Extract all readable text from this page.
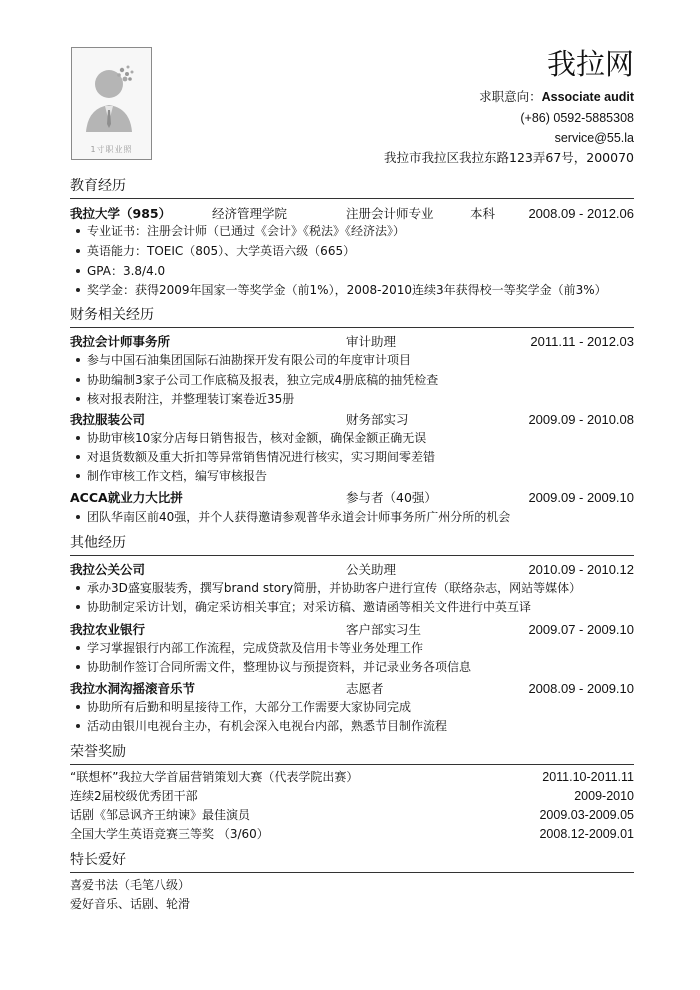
1寸职业照
我拉网
求职意向：Associate audit
(+86) 0592-5885308
service@55.la
我拉市我拉区我拉东路123弄67号，200070
教育经历
我拉大学（985）	经济管理学院	注册会计师专业	本科	2008.09 - 2012.06
专业证书：注册会计师（已通过《会计》《税法》《经济法》）
英语能力：TOEIC（805）、大学英语六级（665）
GPA：3.8/4.0
奖学金：获得2009年国家一等奖学金（前1%），2008-2010连续3年获得校一等奖学金（前3%）
财务相关经历
我拉会计师事务所	审计助理	2011.11 - 2012.03
参与中国石油集团国际石油勘探开发有限公司的年度审计项目
协助编制3家子公司工作底稿及报表，独立完成4册底稿的抽凭检查
核对报表附注，并整理装订案卷近35册
我拉服装公司	财务部实习	2009.09 - 2010.08
协助审核10家分店每日销售报告，核对金额，确保金额正确无误
对退货数额及重大折扣等异常销售情况进行核实，实习期间零差错
制作审核工作文档，编写审核报告
ACCA就业力大比拼	参与者（40强）	2009.09 - 2009.10
团队华南区前40强，并个人获得邀请参观普华永道会计师事务所广州分所的机会
其他经历
我拉公关公司	公关助理	2010.09 - 2010.12
承办3D盛宴服装秀，撰写brand story简册，并协助客户进行宣传（联络杂志，网站等媒体）
协助制定采访计划，确定采访相关事宜；对采访稿、邀请函等相关文件进行中英互译
我拉农业银行	客户部实习生	2009.07 - 2009.10
学习掌握银行内部工作流程，完成贷款及信用卡等业务处理工作
协助制作签订合同所需文件，整理协议与预提资料，并记录业务各项信息
我拉水洞沟摇滚音乐节	志愿者	2008.09 - 2009.10
协助所有后勤和明星接待工作，大部分工作需要大家协同完成
活动由银川电视台主办，有机会深入电视台内部，熟悉节目制作流程
荣誉奖励
“联想杯”我拉大学首届营销策划大赛（代表学院出赛）	2011.10-2011.11
连续2届校级优秀团干部	2009-2010
话剧《邹忌讽齐王纳谏》最佳演员	2009.03-2009.05
全国大学生英语竞赛三等奖 （3/60）	2008.12-2009.01
特长爱好
喜爱书法（毛笔八级）
爱好音乐、话剧、轮滑
